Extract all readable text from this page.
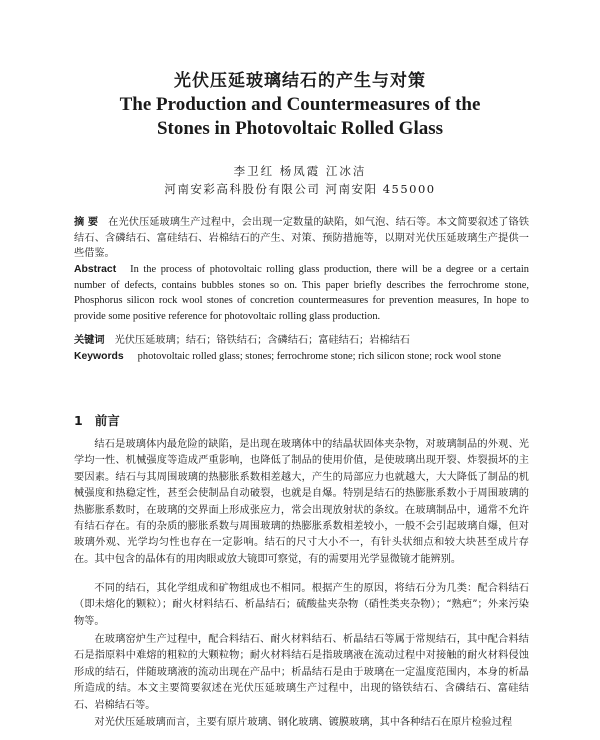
光伏压延玻璃结石的产生与对策
The Production and Countermeasures of the
Stones in Photovoltaic Rolled Glass
李卫红 杨凤霞 江冰洁
河南安彩高科股份有限公司 河南安阳 455000
摘 要 在光伏压延玻璃生产过程中，会出现一定数量的缺陷，如气泡、结石等。本文简要叙述了铬铁结石、含磷结石、富硅结石、岩棉结石的产生、对策、预防措施等，以期对光伏压延玻璃生产提供一些借鉴。
Abstract In the process of photovoltaic rolling glass production, there will be a degree or a certain number of defects, contains bubbles stones so on. This paper briefly describes the ferrochrome stone, Phosphorus silicon rock wool stones of concretion countermeasures for prevention measures, In hope to provide some positive reference for photovoltaic rolling glass production.
关键词 光伏压延玻璃；结石；铬铁结石；含磷结石；富硅结石；岩棉结石
Keywords photovoltaic rolled glass; stones; ferrochrome stone; rich silicon stone; rock wool stone
1 前言
结石是玻璃体内最危险的缺陷，是出现在玻璃体中的结晶状固体夹杂物，对玻璃制品的外观、光学均一性、机械强度等造成严重影响，也降低了制品的使用价值，是使玻璃出现开裂、炸裂损坏的主要因素。结石与其周围玻璃的热膨胀系数相差越大，产生的局部应力也就越大，大大降低了制品的机械强度和热稳定性，甚至会使制品自动破裂，也就是自爆。特别是结石的热膨胀系数小于周围玻璃的热膨胀系数时，在玻璃的交界面上形成张应力，常会出现放射状的条纹。在玻璃制品中，通常不允许有结石存在。有的杂质的膨胀系数与周围玻璃的热膨胀系数相差较小，一般不会引起玻璃自爆，但对玻璃外观、光学均匀性也存在一定影响。结石的尺寸大小不一，有针头状细点和较大块甚至成片存在。其中包含的晶体有的用肉眼或放大镜即可察觉，有的需要用光学显微镜才能辨别。
不同的结石，其化学组成和矿物组成也不相同。根据产生的原因，将结石分为几类：配合料结石（即未熔化的颗粒）；耐火材料结石、析晶结石；硫酸盐夹杂物（硝性类夹杂物）；“熟疤”；外来污染物等。
在玻璃窑炉生产过程中，配合料结石、耐火材料结石、析晶结石等属于常规结石，其中配合料结石是指原料中难熔的粗粒的大颗粒物；耐火材料结石是指玻璃液在流动过程中对接触的耐火材料侵蚀形成的结石，伴随玻璃液的流动出现在产品中；析晶结石是由于玻璃在一定温度范围内，本身的析晶所造成的结。本文主要简要叙述在光伏压延玻璃生产过程中，出现的铬铁结石、含磷结石、富硅结石、岩棉结石等。
对光伏压延玻璃而言，主要有原片玻璃、钢化玻璃、镀膜玻璃，其中各种结石在原片检验过程
